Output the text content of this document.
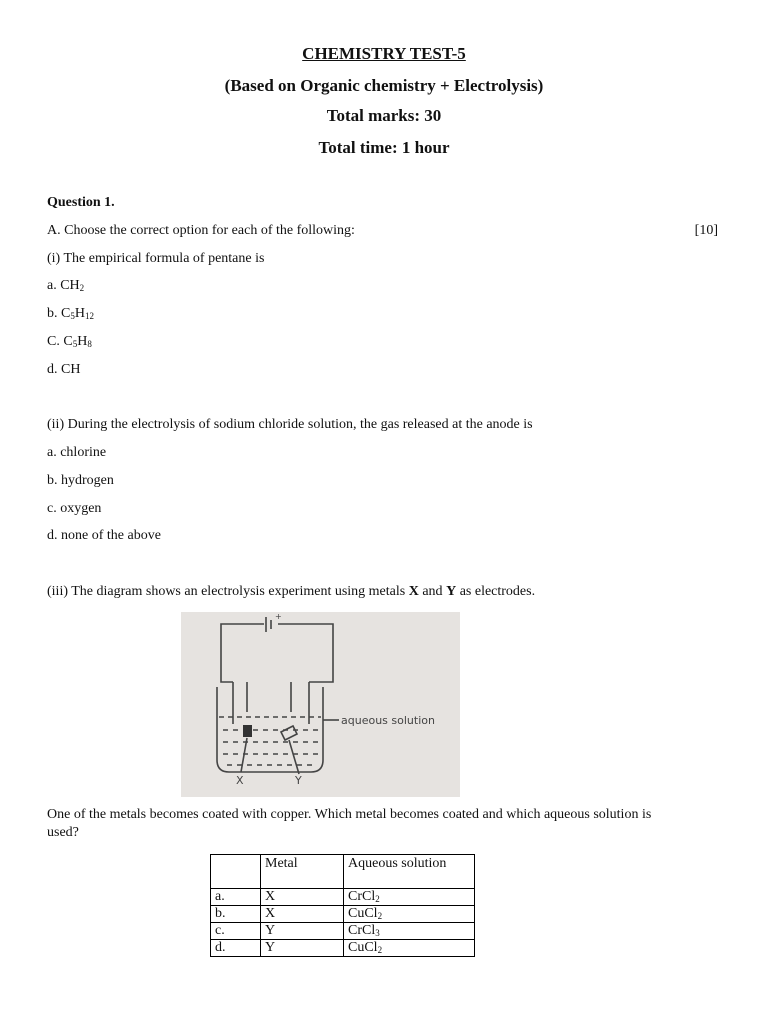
CHEMISTRY TEST-5
(Based on Organic chemistry + Electrolysis)
Total marks: 30
Total time: 1 hour
Question 1.
A. Choose the correct option for each of the following:	[10]
(i) The empirical formula of pentane is
a. $CH_2$
b. $C_5H_{12}$
C. $C_5H_8$
d. CH
(ii) During the electrolysis of sodium chloride solution, the gas released at the anode is
a. chlorine
b. hydrogen
c. oxygen
d. none of the above
(iii) The diagram shows an electrolysis experiment using metals X and Y as electrodes.
+
aqueous solution
X	Y
One of the metals becomes coated with copper. Which metal becomes coated and which aqueous solution is
used?
	Metal	Aqueous solution
a.	X	CrCl$_2$
b.	X	CuCl$_2$
c.	Y	CrCl$_3$
d.	Y	CuCl$_2$
